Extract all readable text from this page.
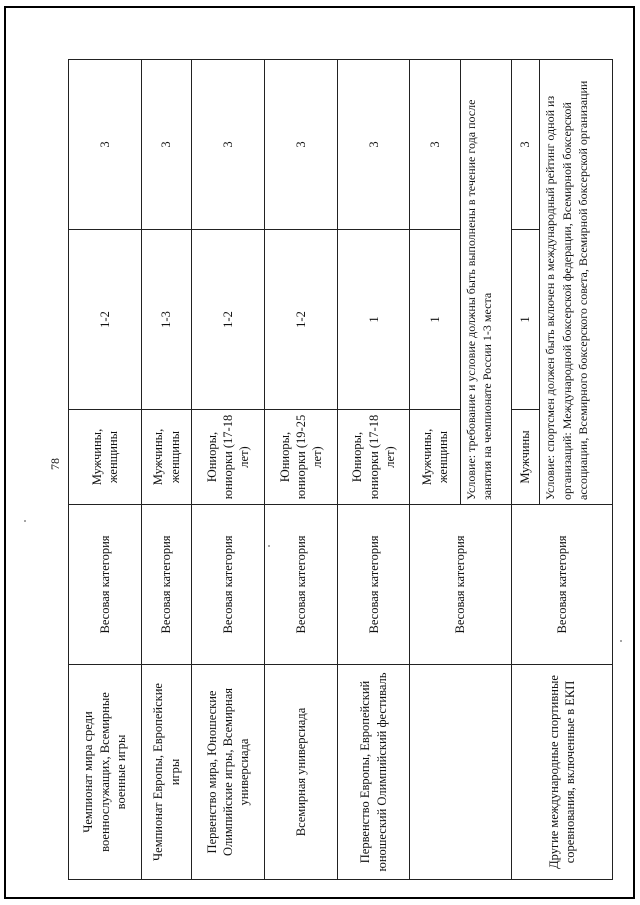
78
Чемпионат мира среди военнослужащих, Всемирные военные игры	Весовая категория	Мужчины, женщины	1-2	3
Чемпионат Европы, Европейские игры	Весовая категория	Мужчины, женщины	1-3	3
Первенство мира, Юношеские Олимпийские игры, Всемирная универсиада	Весовая категория	Юниоры, юниорки (17-18 лет)	1-2	3
Всемирная универсиада	Весовая категория	Юниоры, юниорки (19-25 лет)	1-2	3
Первенство Европы, Европейский юношеский Олимпийский фестиваль	Весовая категория	Юниоры, юниорки (17-18 лет)	1	3
	Весовая категория	Мужчины, женщины	1	3
		Условие: требование и условие должны быть выполнены в течение года после занятия на чемпионате России 1-3 места		
Другие международные спортивные соревнования, включенные в ЕКП	Весовая категория	Мужчины	1	3
		Условие: спортсмен должен быть включен в международный рейтинг одной из организаций: Международной боксерской федерации, Всемирной боксерской ассоциации, Всемирного боксерского совета, Всемирной боксерской организации		
